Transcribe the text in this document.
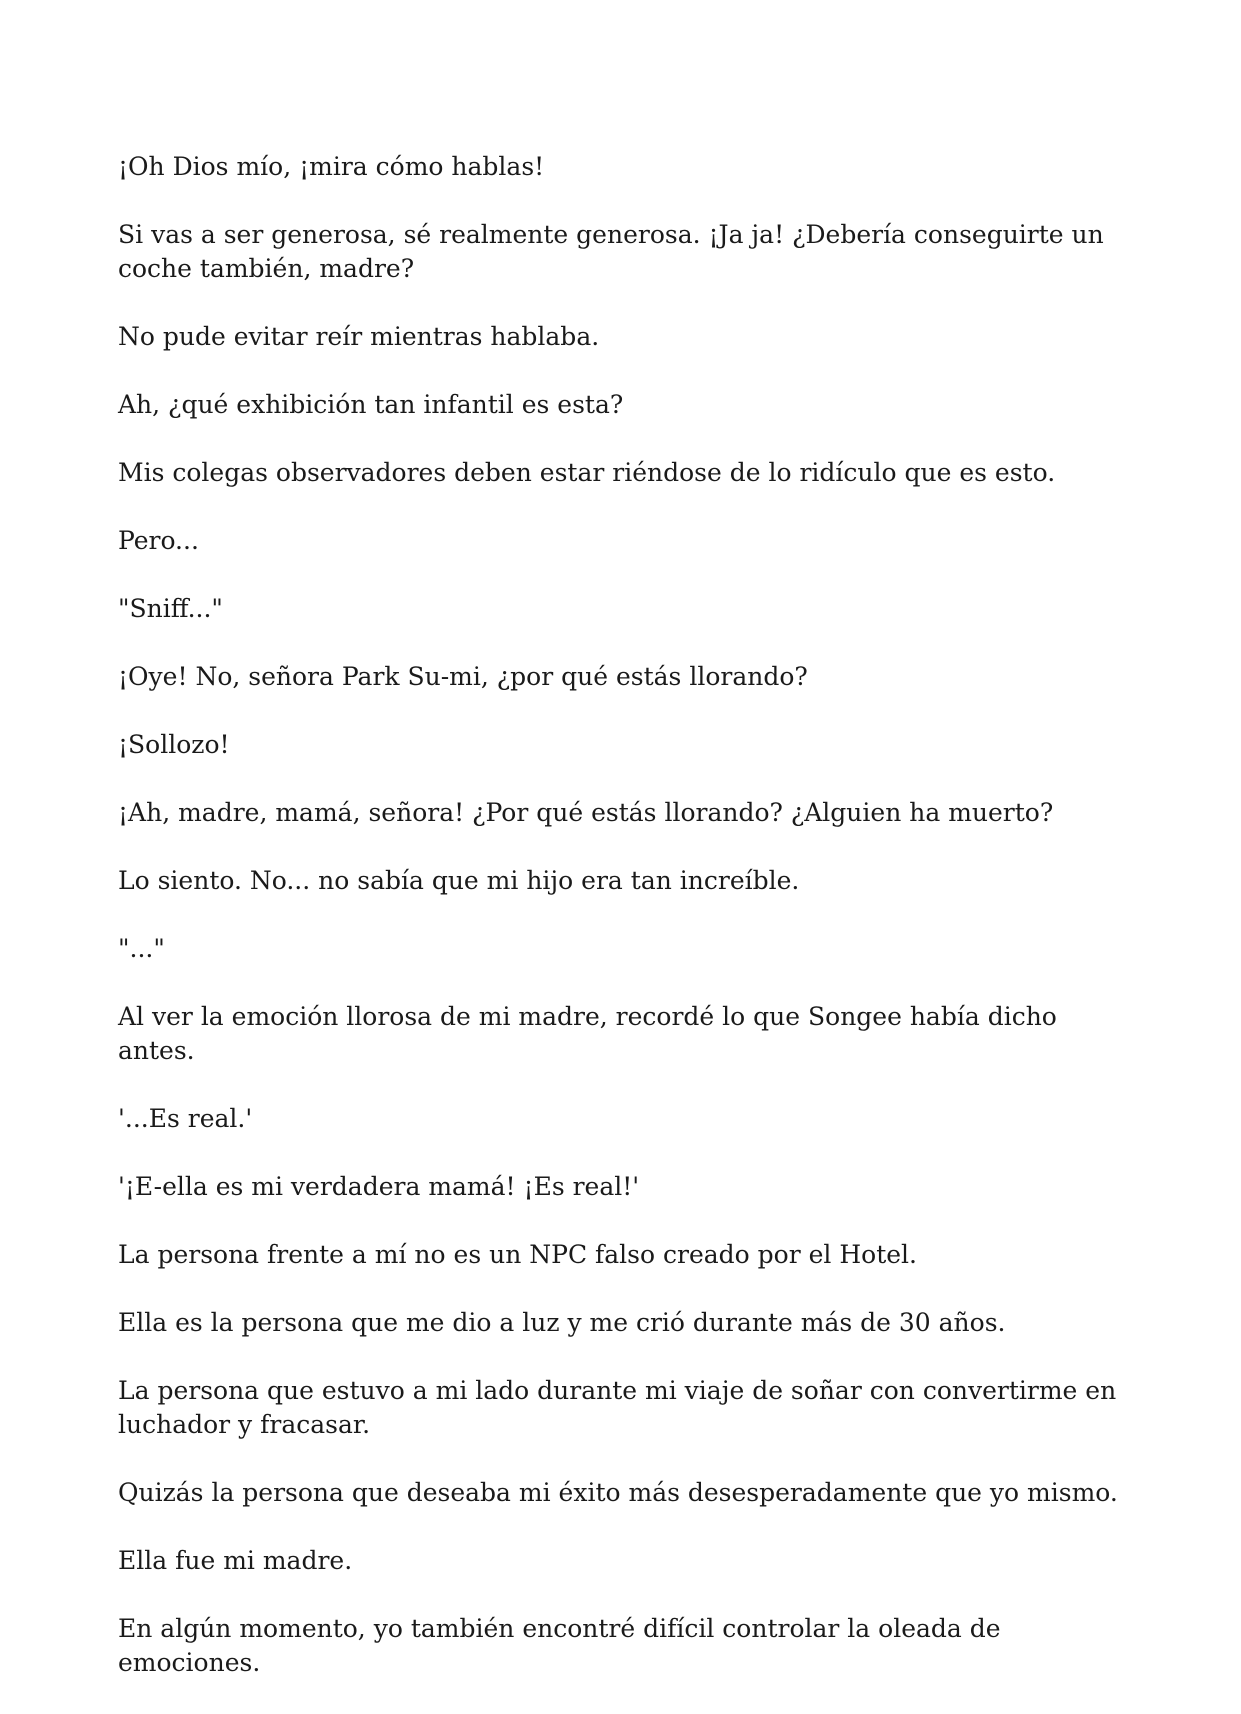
¡Oh Dios mío, ¡mira cómo hablas!

Si vas a ser generosa, sé realmente generosa. ¡Ja ja! ¿Debería conseguirte un coche también, madre?

No pude evitar reír mientras hablaba.

Ah, ¿qué exhibición tan infantil es esta?

Mis colegas observadores deben estar riéndose de lo ridículo que es esto.

Pero...

"Sniff..."

¡Oye! No, señora Park Su-mi, ¿por qué estás llorando?

¡Sollozo!

¡Ah, madre, mamá, señora! ¿Por qué estás llorando? ¿Alguien ha muerto?

Lo siento. No... no sabía que mi hijo era tan increíble.

"..."

Al ver la emoción llorosa de mi madre, recordé lo que Songee había dicho antes.

'...Es real.'

'¡E-ella es mi verdadera mamá! ¡Es real!'

La persona frente a mí no es un NPC falso creado por el Hotel.

Ella es la persona que me dio a luz y me crió durante más de 30 años.

La persona que estuvo a mi lado durante mi viaje de soñar con convertirme en luchador y fracasar.

Quizás la persona que deseaba mi éxito más desesperadamente que yo mismo.

Ella fue mi madre.

En algún momento, yo también encontré difícil controlar la oleada de emociones.
